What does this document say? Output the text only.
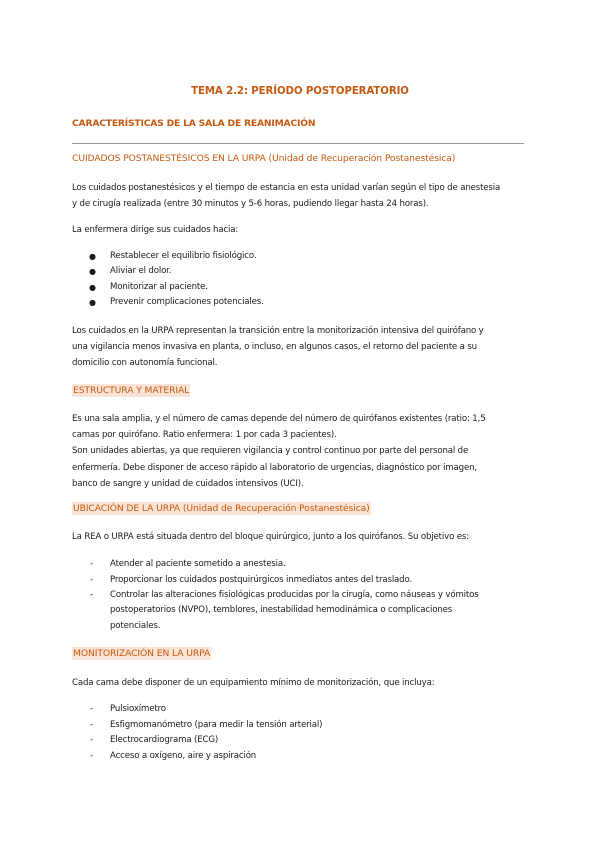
TEMA 2.2: PERÍODO POSTOPERATORIO
CARACTERÍSTICAS DE LA SALA DE REANIMACIÓN
CUIDADOS POSTANESTÉSICOS EN LA URPA (Unidad de Recuperación Postanestésica)
Los cuidados postanestésicos y el tiempo de estancia en esta unidad varían según el tipo de anestesia
y de cirugía realizada (entre 30 minutos y 5-6 horas, pudiendo llegar hasta 24 horas).
La enfermera dirige sus cuidados hacia:
● Restablecer el equilibrio fisiológico.
● Aliviar el dolor.
● Monitorizar al paciente.
● Prevenir complicaciones potenciales.
Los cuidados en la URPA representan la transición entre la monitorización intensiva del quirófano y
una vigilancia menos invasiva en planta, o incluso, en algunos casos, el retorno del paciente a su
domicilio con autonomía funcional.
ESTRUCTURA Y MATERIAL
Es una sala amplia, y el número de camas depende del número de quirófanos existentes (ratio: 1,5
camas por quirófano. Ratio enfermera: 1 por cada 3 pacientes).
Son unidades abiertas, ya que requieren vigilancia y control continuo por parte del personal de
enfermería. Debe disponer de acceso rápido al laboratorio de urgencias, diagnóstico por imagen,
banco de sangre y unidad de cuidados intensivos (UCI).
UBICACIÓN DE LA URPA (Unidad de Recuperación Postanestésica)
La REA o URPA está situada dentro del bloque quirúrgico, junto a los quirófanos. Su objetivo es:
- Atender al paciente sometido a anestesia.
- Proporcionar los cuidados postquirúrgicos inmediatos antes del traslado.
- Controlar las alteraciones fisiológicas producidas por la cirugía, como náuseas y vómitos
postoperatorios (NVPO), temblores, inestabilidad hemodinámica o complicaciones
potenciales.
MONITORIZACIÓN EN LA URPA
Cada cama debe disponer de un equipamiento mínimo de monitorización, que incluya:
- Pulsioxímetro
- Esfigmomanómetro (para medir la tensión arterial)
- Electrocardiograma (ECG)
- Acceso a oxígeno, aire y aspiración
